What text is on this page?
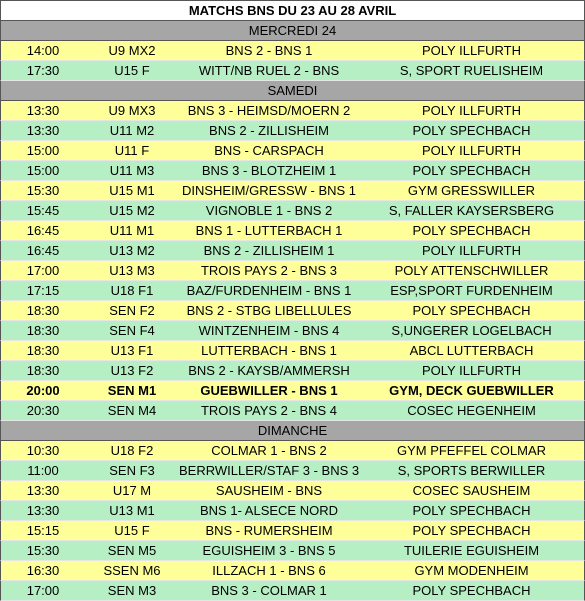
MATCHS BNS DU 23 AU 28 AVRIL
MERCREDI 24
14:00	U9 MX2	BNS 2 - BNS 1	POLY ILLFURTH
17:30	U15 F	WITT/NB RUEL 2 - BNS	S, SPORT RUELISHEIM
SAMEDI
13:30	U9 MX3	BNS 3 - HEIMSD/MOERN 2	POLY ILLFURTH
13:30	U11 M2	BNS 2 - ZILLISHEIM	POLY SPECHBACH
15:00	U11 F	BNS - CARSPACH	POLY ILLFURTH
15:00	U11 M3	BNS 3 - BLOTZHEIM 1	POLY SPECHBACH
15:30	U15 M1	DINSHEIM/GRESSW - BNS 1	GYM GRESSWILLER
15:45	U15 M2	VIGNOBLE 1 - BNS 2	S, FALLER KAYSERSBERG
16:45	U11 M1	BNS 1 - LUTTERBACH 1	POLY SPECHBACH
16:45	U13 M2	BNS 2 - ZILLISHEIM 1	POLY ILLFURTH
17:00	U13 M3	TROIS PAYS 2 - BNS 3	POLY ATTENSCHWILLER
17:15	U18 F1	BAZ/FURDENHEIM - BNS 1	ESP,SPORT FURDENHEIM
18:30	SEN F2	BNS 2 - STBG LIBELLULES	POLY SPECHBACH
18:30	SEN F4	WINTZENHEIM - BNS 4	S,UNGERER LOGELBACH
18:30	U13 F1	LUTTERBACH - BNS 1	ABCL LUTTERBACH
18:30	U13 F2	BNS 2 - KAYSB/AMMERSH	POLY ILLFURTH
20:00	SEN M1	GUEBWILLER - BNS 1	GYM, DECK GUEBWILLER
20:30	SEN M4	TROIS PAYS 2 - BNS 4	COSEC HEGENHEIM
DIMANCHE
10:30	U18 F2	COLMAR 1 - BNS 2	GYM PFEFFEL COLMAR
11:00	SEN F3	BERRWILLER/STAF 3 - BNS 3	S, SPORTS BERWILLER
13:30	U17 M	SAUSHEIM - BNS	COSEC SAUSHEIM
13:30	U13 M1	BNS 1- ALSECE NORD	POLY SPECHBACH
15:15	U15 F	BNS - RUMERSHEIM	POLY SPECHBACH
15:30	SEN M5	EGUISHEIM 3 - BNS 5	TUILERIE EGUISHEIM
16:30	SSEN M6	ILLZACH 1 - BNS 6	GYM MODENHEIM
17:00	SEN M3	BNS 3 - COLMAR 1	POLY SPECHBACH
